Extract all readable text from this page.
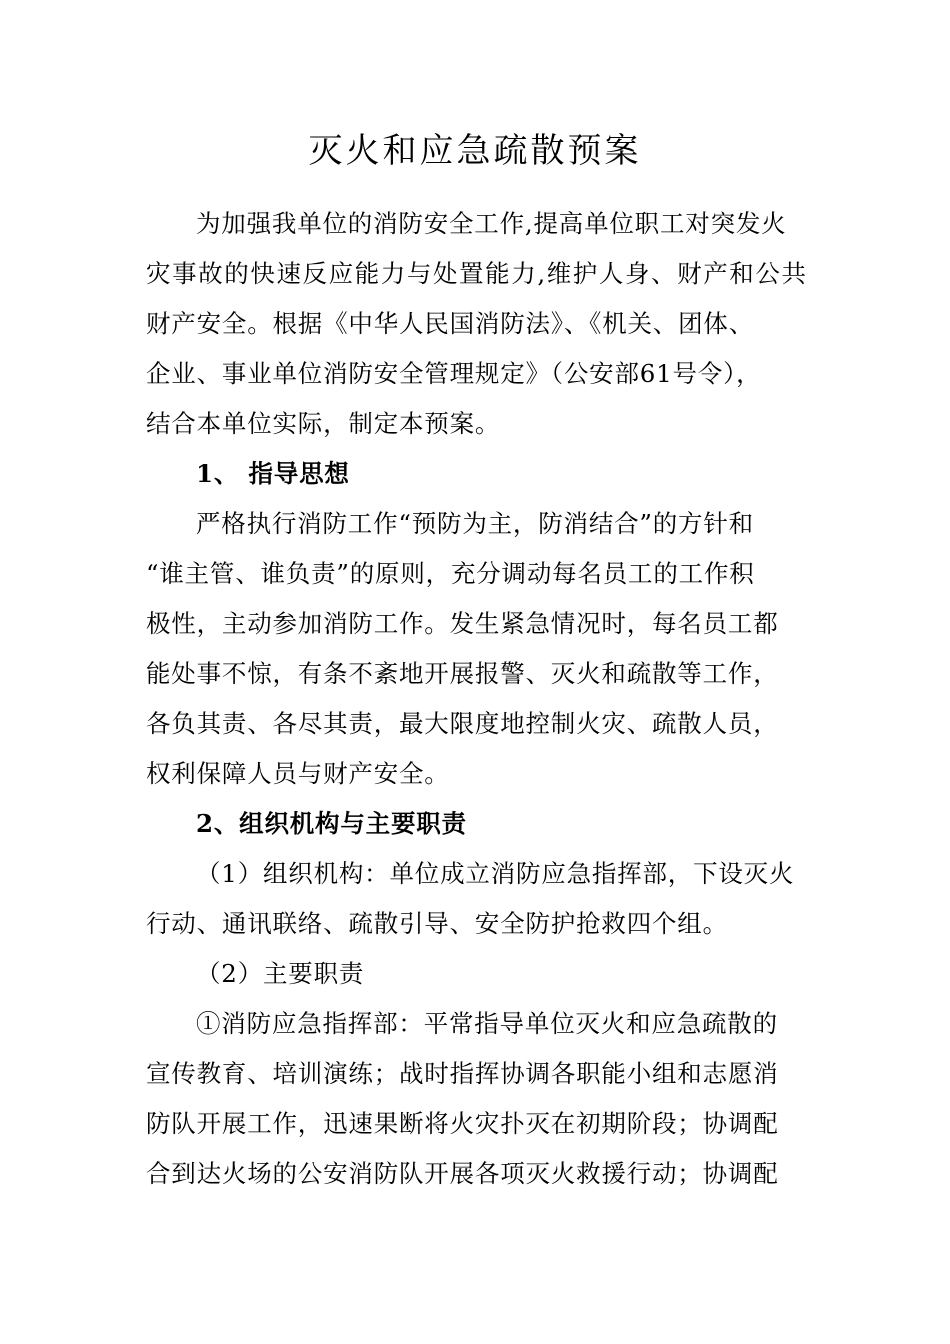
灭火和应急疏散预案
为加强我单位的消防安全工作,提高单位职工对突发火
灾事故的快速反应能力与处置能力,维护人身、财产和公共
财产安全。根据《中华人民国消防法》、《机关、团体、
企业、事业单位消防安全管理规定》（公安部61号令），
结合本单位实际，制定本预案。
1、 指导思想
严格执行消防工作“预防为主，防消结合”的方针和
“谁主管、谁负责”的原则，充分调动每名员工的工作积
极性，主动参加消防工作。发生紧急情况时，每名员工都
能处事不惊，有条不紊地开展报警、灭火和疏散等工作，
各负其责、各尽其责，最大限度地控制火灾、疏散人员，
权利保障人员与财产安全。
2、组织机构与主要职责
（1）组织机构：单位成立消防应急指挥部，下设灭火
行动、通讯联络、疏散引导、安全防护抢救四个组。
（2）主要职责
①消防应急指挥部：平常指导单位灭火和应急疏散的
宣传教育、培训演练；战时指挥协调各职能小组和志愿消
防队开展工作，迅速果断将火灾扑灭在初期阶段；协调配
合到达火场的公安消防队开展各项灭火救援行动；协调配
